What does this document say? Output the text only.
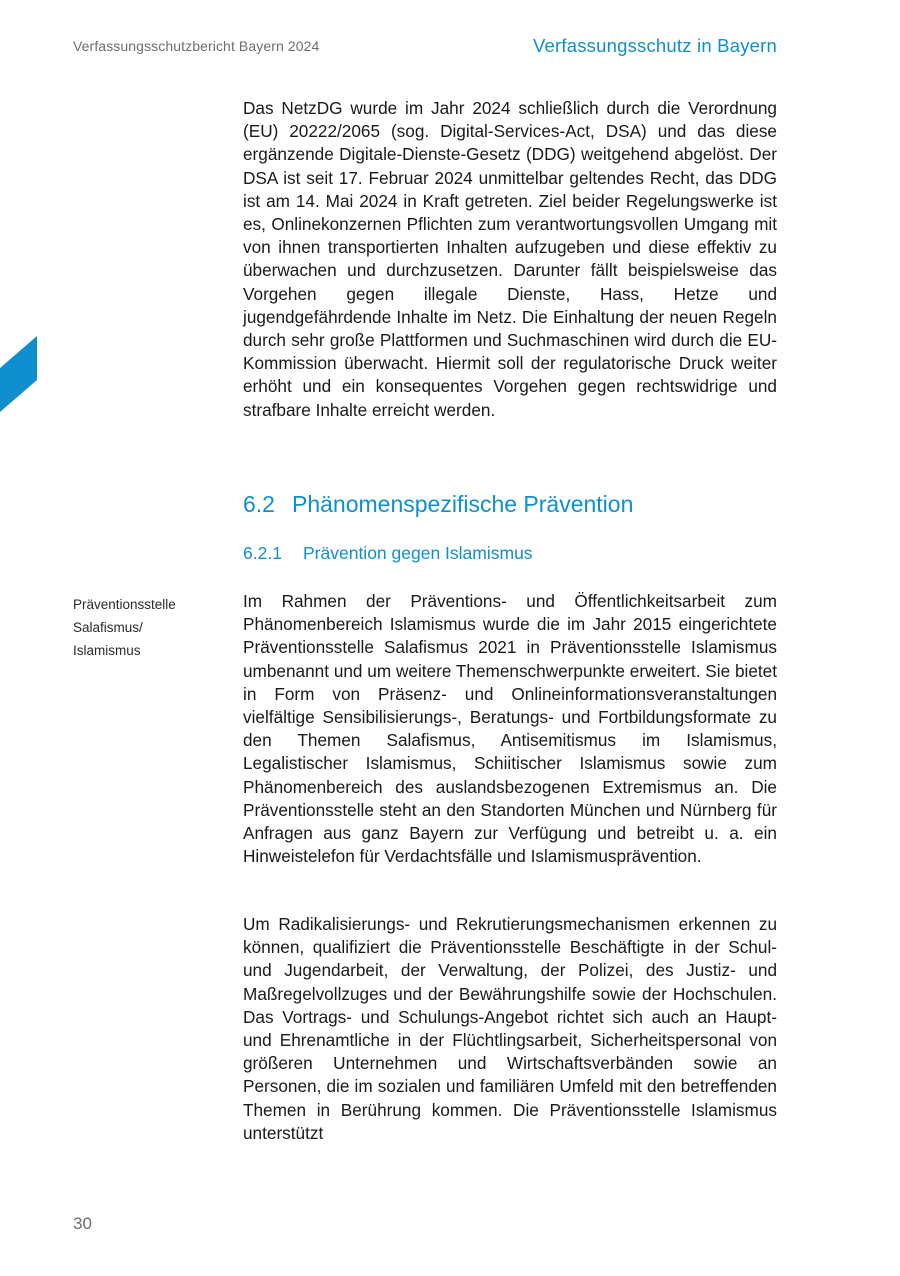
Verfassungsschutzbericht Bayern 2024	Verfassungsschutz in Bayern

Das NetzDG wurde im Jahr 2024 schließlich durch die Verordnung (EU) 20222/2065 (sog. Digital-Services-Act, DSA) und das diese ergänzende Digitale-Dienste-Gesetz (DDG) weitgehend abgelöst. Der DSA ist seit 17. Februar 2024 unmittelbar geltendes Recht, das DDG ist am 14. Mai 2024 in Kraft getreten. Ziel beider Regelungswerke ist es, Onlinekonzernen Pflichten zum verantwortungsvollen Umgang mit von ihnen transportierten Inhalten aufzugeben und diese effektiv zu überwachen und durchzusetzen. Darunter fällt beispielsweise das Vorgehen gegen illegale Dienste, Hass, Hetze und jugendgefährdende Inhalte im Netz. Die Einhaltung der neuen Regeln durch sehr große Plattformen und Suchmaschinen wird durch die EU-Kommission überwacht. Hiermit soll der regulatorische Druck weiter erhöht und ein konsequentes Vorgehen gegen rechtswidrige und strafbare Inhalte erreicht werden.

6.2 Phänomenspezifische Prävention
6.2.1 Prävention gegen Islamismus
Präventionsstelle
Salafismus/
Islamismus

Im Rahmen der Präventions- und Öffentlichkeitsarbeit zum Phänomenbereich Islamismus wurde die im Jahr 2015 eingerichtete Präventionsstelle Salafismus 2021 in Präventionsstelle Islamismus umbenannt und um weitere Themenschwerpunkte erweitert. Sie bietet in Form von Präsenz- und Onlineinformationsveranstaltungen vielfältige Sensibilisierungs-, Beratungs- und Fortbildungsformate zu den Themen Salafismus, Antisemitismus im Islamismus, Legalistischer Islamismus, Schiitischer Islamismus sowie zum Phänomenbereich des auslandsbezogenen Extremismus an. Die Präventionsstelle steht an den Standorten München und Nürnberg für Anfragen aus ganz Bayern zur Verfügung und betreibt u. a. ein Hinweistelefon für Verdachtsfälle und Islamismusprävention.

Um Radikalisierungs- und Rekrutierungsmechanismen erkennen zu können, qualifiziert die Präventionsstelle Beschäftigte in der Schul- und Jugendarbeit, der Verwaltung, der Polizei, des Justiz- und Maßregelvollzuges und der Bewährungshilfe sowie der Hochschulen. Das Vortrags- und Schulungs-Angebot richtet sich auch an Haupt- und Ehrenamtliche in der Flüchtlingsarbeit, Sicherheitspersonal von größeren Unternehmen und Wirtschaftsverbänden sowie an Personen, die im sozialen und familiären Umfeld mit den betreffenden Themen in Berührung kommen. Die Präventionsstelle Islamismus unterstützt

30
